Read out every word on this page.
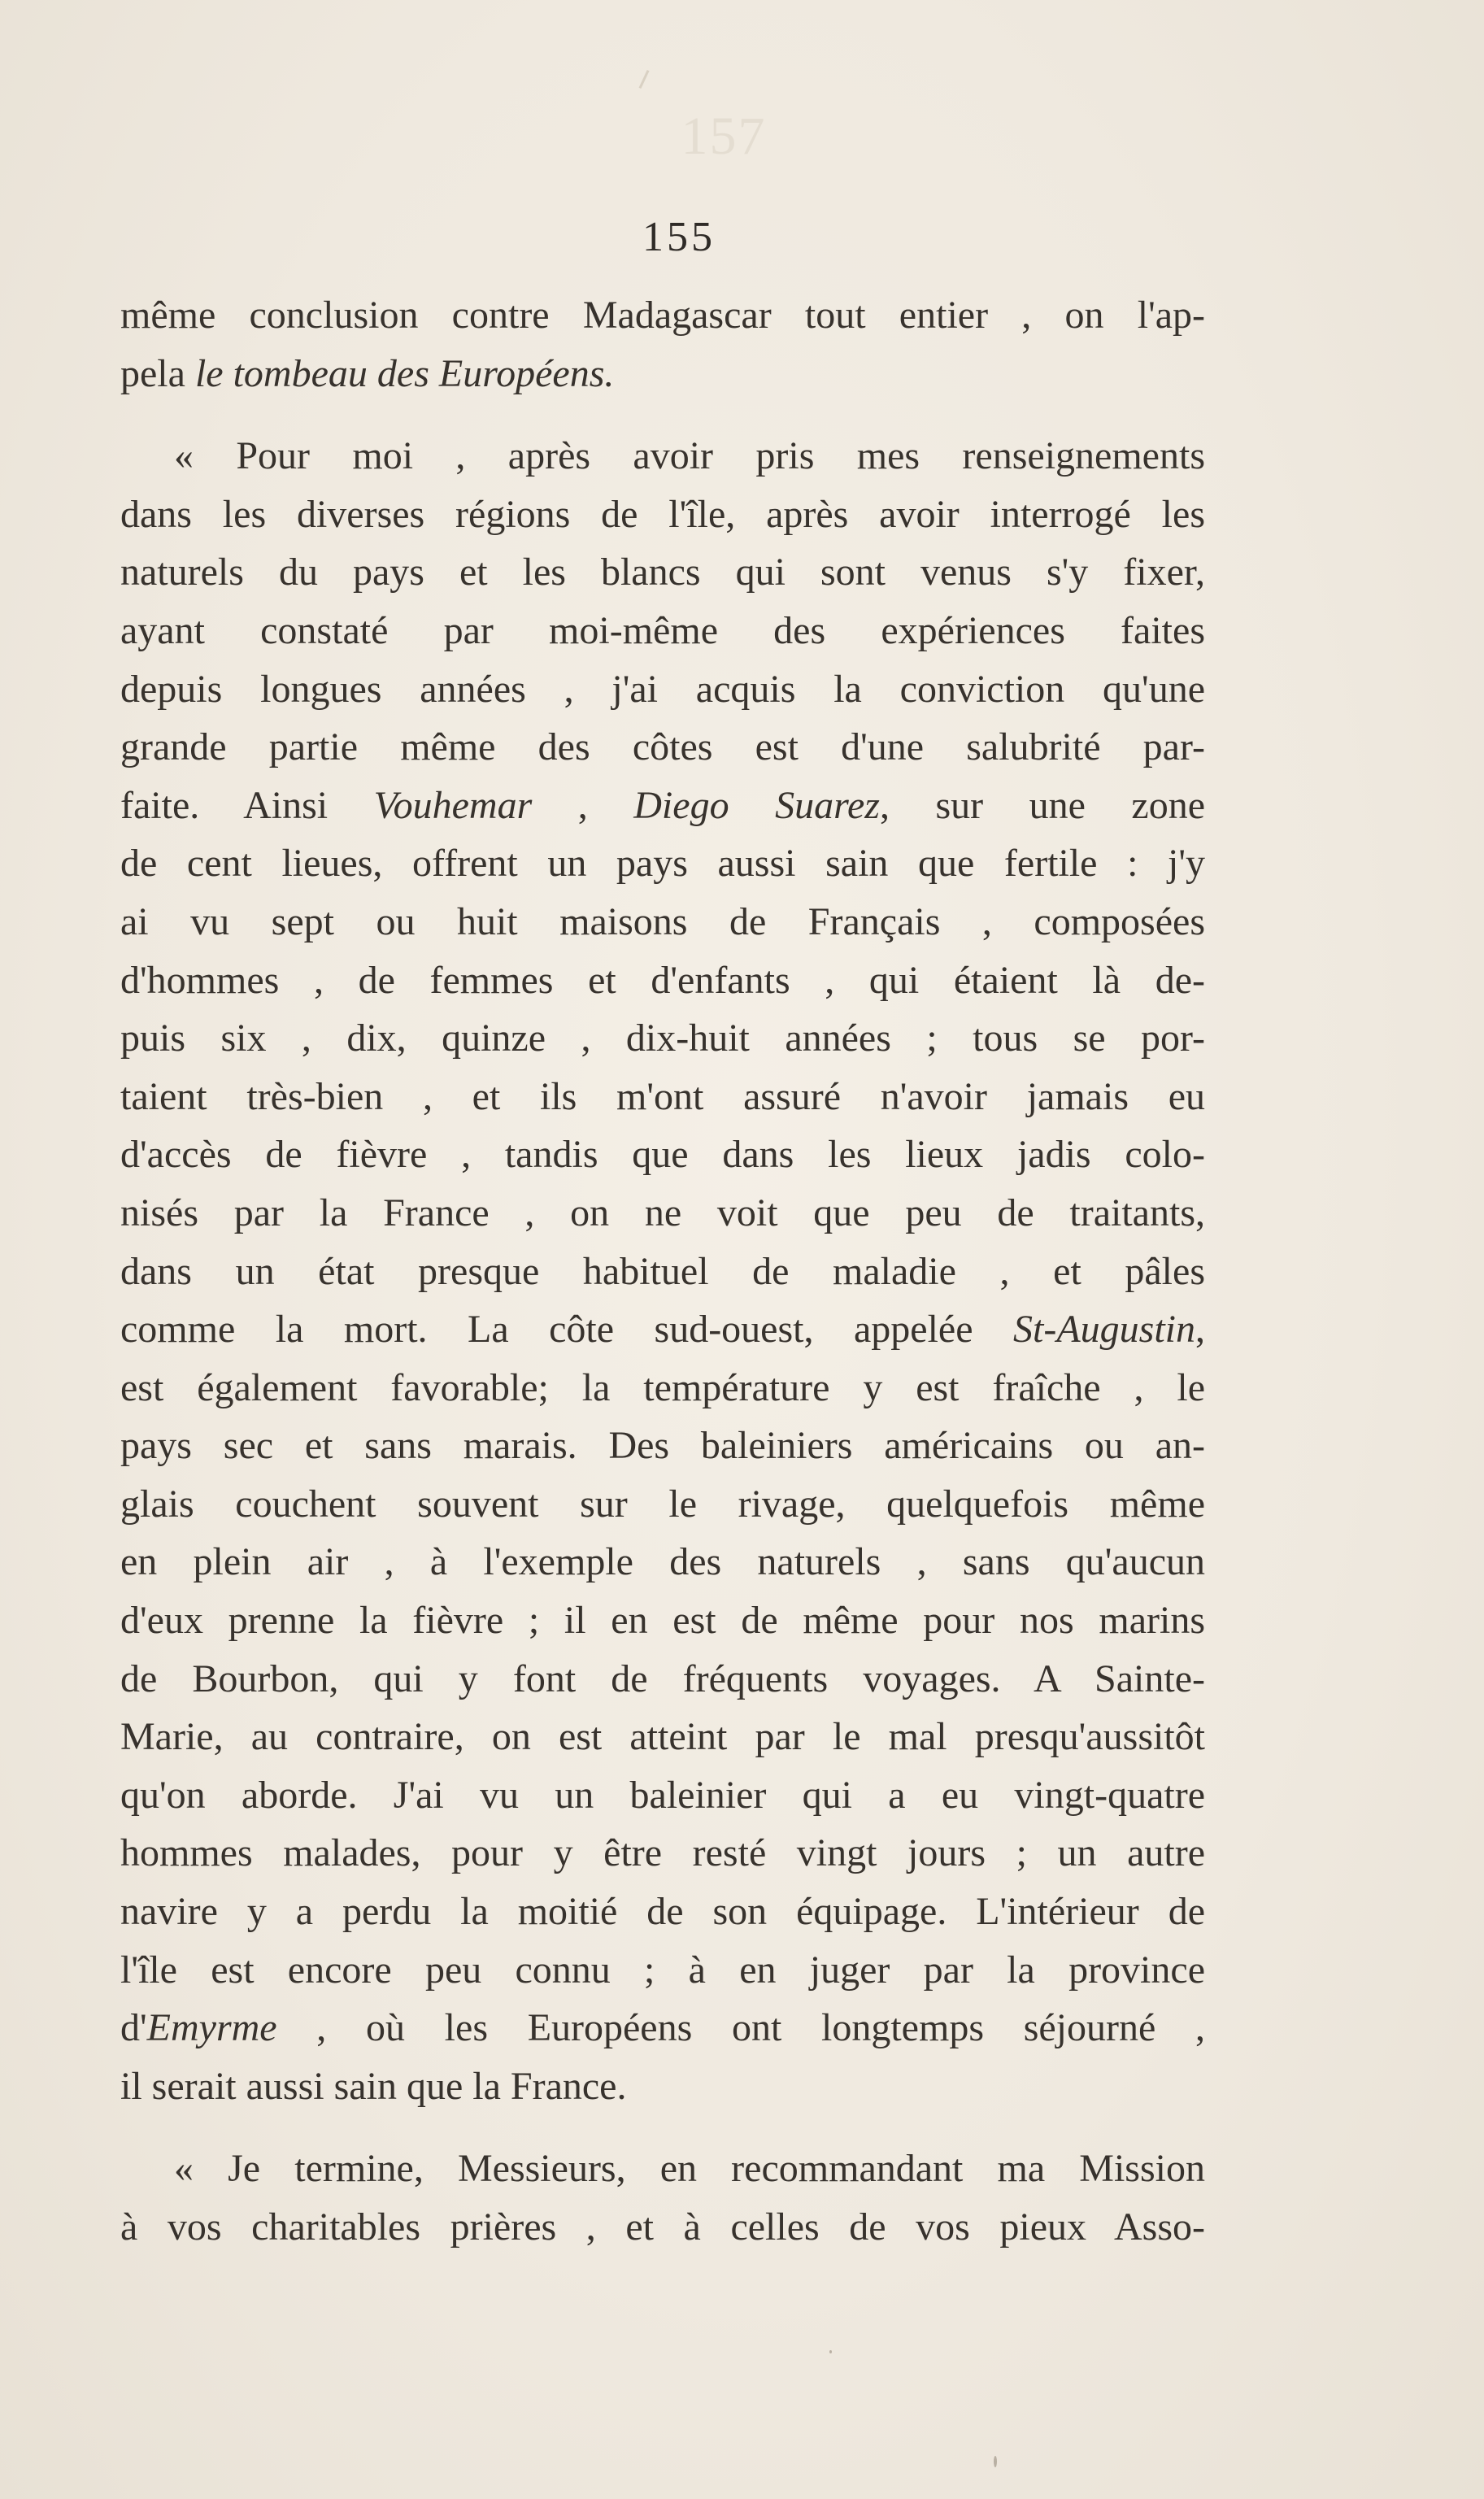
157
155
même conclusion contre Madagascar tout entier , on l'ap-
pela le tombeau des Européens.
« Pour moi , après avoir pris mes renseignements
dans les diverses régions de l'île, après avoir interrogé les
naturels du pays et les blancs qui sont venus s'y fixer,
ayant constaté par moi-même des expériences faites
depuis longues années , j'ai acquis la conviction qu'une
grande partie même des côtes est d'une salubrité par-
faite. Ainsi Vouhemar , Diego Suarez, sur une zone
de cent lieues, offrent un pays aussi sain que fertile : j'y
ai vu sept ou huit maisons de Français , composées
d'hommes , de femmes et d'enfants , qui étaient là de-
puis six , dix, quinze , dix-huit années ; tous se por-
taient très-bien , et ils m'ont assuré n'avoir jamais eu
d'accès de fièvre , tandis que dans les lieux jadis colo-
nisés par la France , on ne voit que peu de traitants,
dans un état presque habituel de maladie , et pâles
comme la mort. La côte sud-ouest, appelée St-Augustin,
est également favorable; la température y est fraîche , le
pays sec et sans marais. Des baleiniers américains ou an-
glais couchent souvent sur le rivage, quelquefois même
en plein air , à l'exemple des naturels , sans qu'aucun
d'eux prenne la fièvre ; il en est de même pour nos marins
de Bourbon, qui y font de fréquents voyages. A Sainte-
Marie, au contraire, on est atteint par le mal presqu'aussitôt
qu'on aborde. J'ai vu un baleinier qui a eu vingt-quatre
hommes malades, pour y être resté vingt jours ; un autre
navire y a perdu la moitié de son équipage. L'intérieur de
l'île est encore peu connu ; à en juger par la province
d'Emyrme , où les Européens ont longtemps séjourné ,
il serait aussi sain que la France.
« Je termine, Messieurs, en recommandant ma Mission
à vos charitables prières , et à celles de vos pieux Asso-
